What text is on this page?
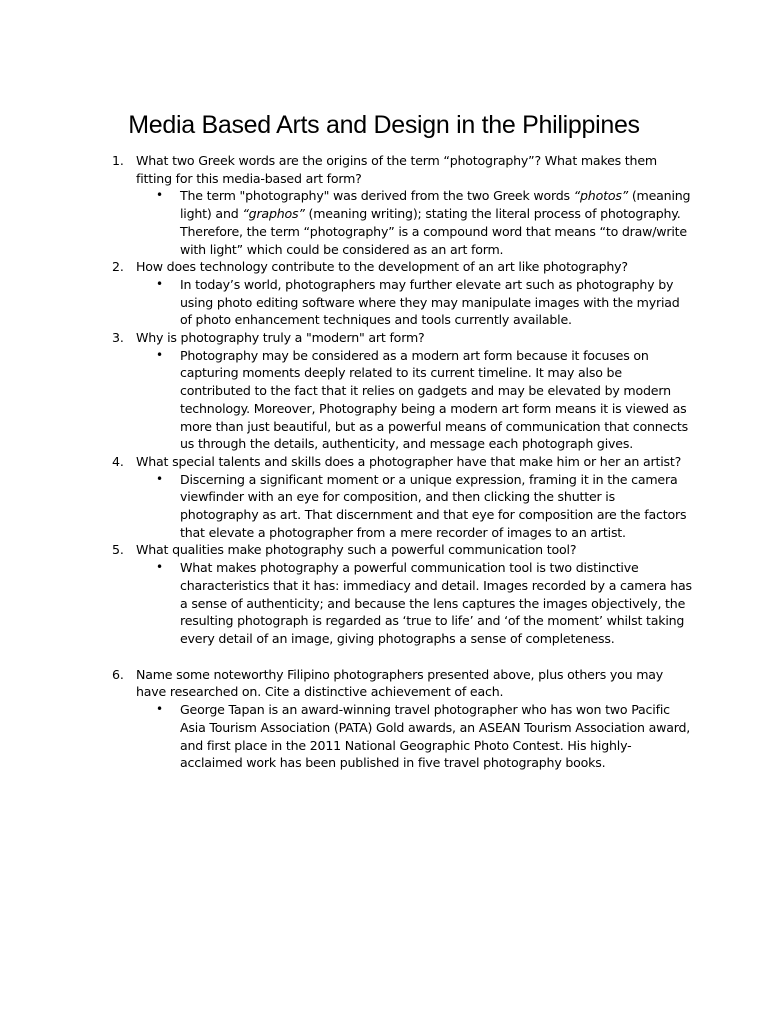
Media Based Arts and Design in the Philippines
1. What two Greek words are the origins of the term “photography”? What makes them fitting for this media-based art form?
• The term "photography" was derived from the two Greek words “photos” (meaning light) and “graphos” (meaning writing); stating the literal process of photography. Therefore, the term “photography” is a compound word that means “to draw/write with light” which could be considered as an art form.
2. How does technology contribute to the development of an art like photography?
• In today’s world, photographers may further elevate art such as photography by using photo editing software where they may manipulate images with the myriad of photo enhancement techniques and tools currently available.
3. Why is photography truly a "modern" art form?
• Photography may be considered as a modern art form because it focuses on capturing moments deeply related to its current timeline. It may also be contributed to the fact that it relies on gadgets and may be elevated by modern technology. Moreover, Photography being a modern art form means it is viewed as more than just beautiful, but as a powerful means of communication that connects us through the details, authenticity, and message each photograph gives.
4. What special talents and skills does a photographer have that make him or her an artist?
• Discerning a significant moment or a unique expression, framing it in the camera viewfinder with an eye for composition, and then clicking the shutter is photography as art. That discernment and that eye for composition are the factors that elevate a photographer from a mere recorder of images to an artist.
5. What qualities make photography such a powerful communication tool?
• What makes photography a powerful communication tool is two distinctive characteristics that it has: immediacy and detail. Images recorded by a camera has a sense of authenticity; and because the lens captures the images objectively, the resulting photograph is regarded as ‘true to life’ and ‘of the moment’ whilst taking every detail of an image, giving photographs a sense of completeness.
6. Name some noteworthy Filipino photographers presented above, plus others you may have researched on. Cite a distinctive achievement of each.
• George Tapan is an award-winning travel photographer who has won two Pacific Asia Tourism Association (PATA) Gold awards, an ASEAN Tourism Association award, and first place in the 2011 National Geographic Photo Contest. His highly-acclaimed work has been published in five travel photography books.
